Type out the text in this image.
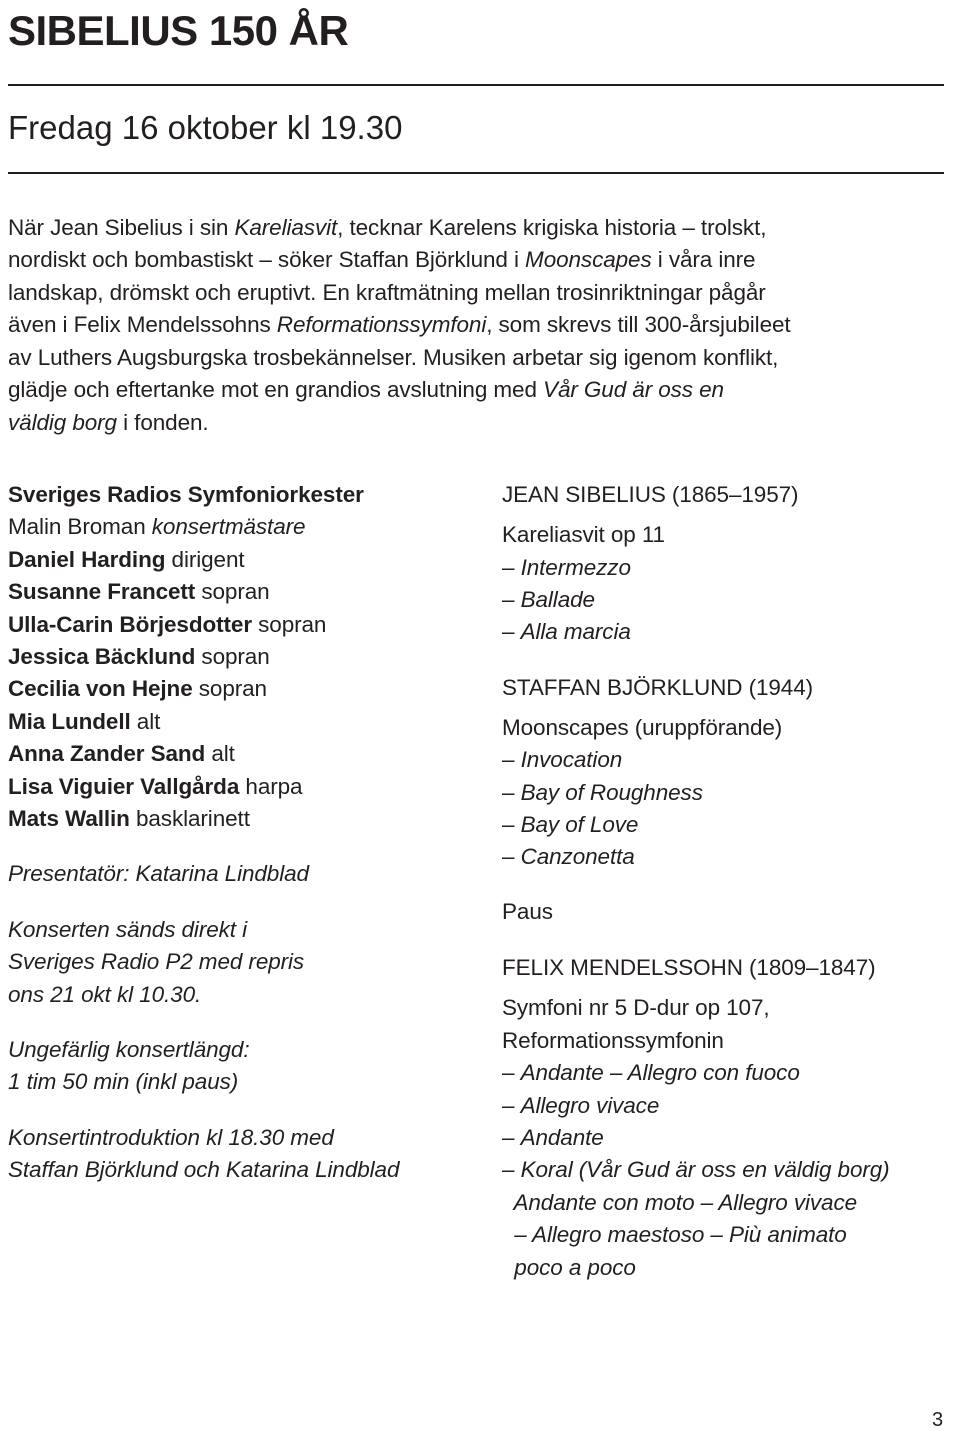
SIBELIUS 150 ÅR
Fredag 16 oktober kl 19.30
När Jean Sibelius i sin Kareliasvit, tecknar Karelens krigiska historia – trolskt,
nordiskt och bombastiskt – söker Staffan Björklund i Moonscapes i våra inre
landskap, drömskt och eruptivt. En kraftmätning mellan trosinriktningar pågår
även i Felix Mendelssohns Reformationssymfoni, som skrevs till 300-årsjubileet
av Luthers Augsburgska trosbekännelser. Musiken arbetar sig igenom konflikt,
glädje och eftertanke mot en grandios avslutning med Vår Gud är oss en
väldig borg i fonden.
Sveriges Radios Symfoniorkester
Malin Broman konsertmästare
Daniel Harding dirigent
Susanne Francett sopran
Ulla-Carin Börjesdotter sopran
Jessica Bäcklund sopran
Cecilia von Hejne sopran
Mia Lundell alt
Anna Zander Sand alt
Lisa Viguier Vallgårda harpa
Mats Wallin basklarinett
Presentatör: Katarina Lindblad
Konserten sänds direkt i
Sveriges Radio P2 med repris
ons 21 okt kl 10.30.
Ungefärlig konsertlängd:
1 tim 50 min (inkl paus)
Konsertintroduktion kl 18.30 med
Staffan Björklund och Katarina Lindblad
JEAN SIBELIUS (1865–1957)
Kareliasvit op 11
– Intermezzo
– Ballade
– Alla marcia
STAFFAN BJÖRKLUND (1944)
Moonscapes (uruppförande)
– Invocation
– Bay of Roughness
– Bay of Love
– Canzonetta
Paus
FELIX MENDELSSOHN (1809–1847)
Symfoni nr 5 D-dur op 107,
Reformationssymfonin
– Andante – Allegro con fuoco
– Allegro vivace
– Andante
– Koral (Vår Gud är oss en väldig borg)
Andante con moto – Allegro vivace
– Allegro maestoso – Più animato
poco a poco
3
